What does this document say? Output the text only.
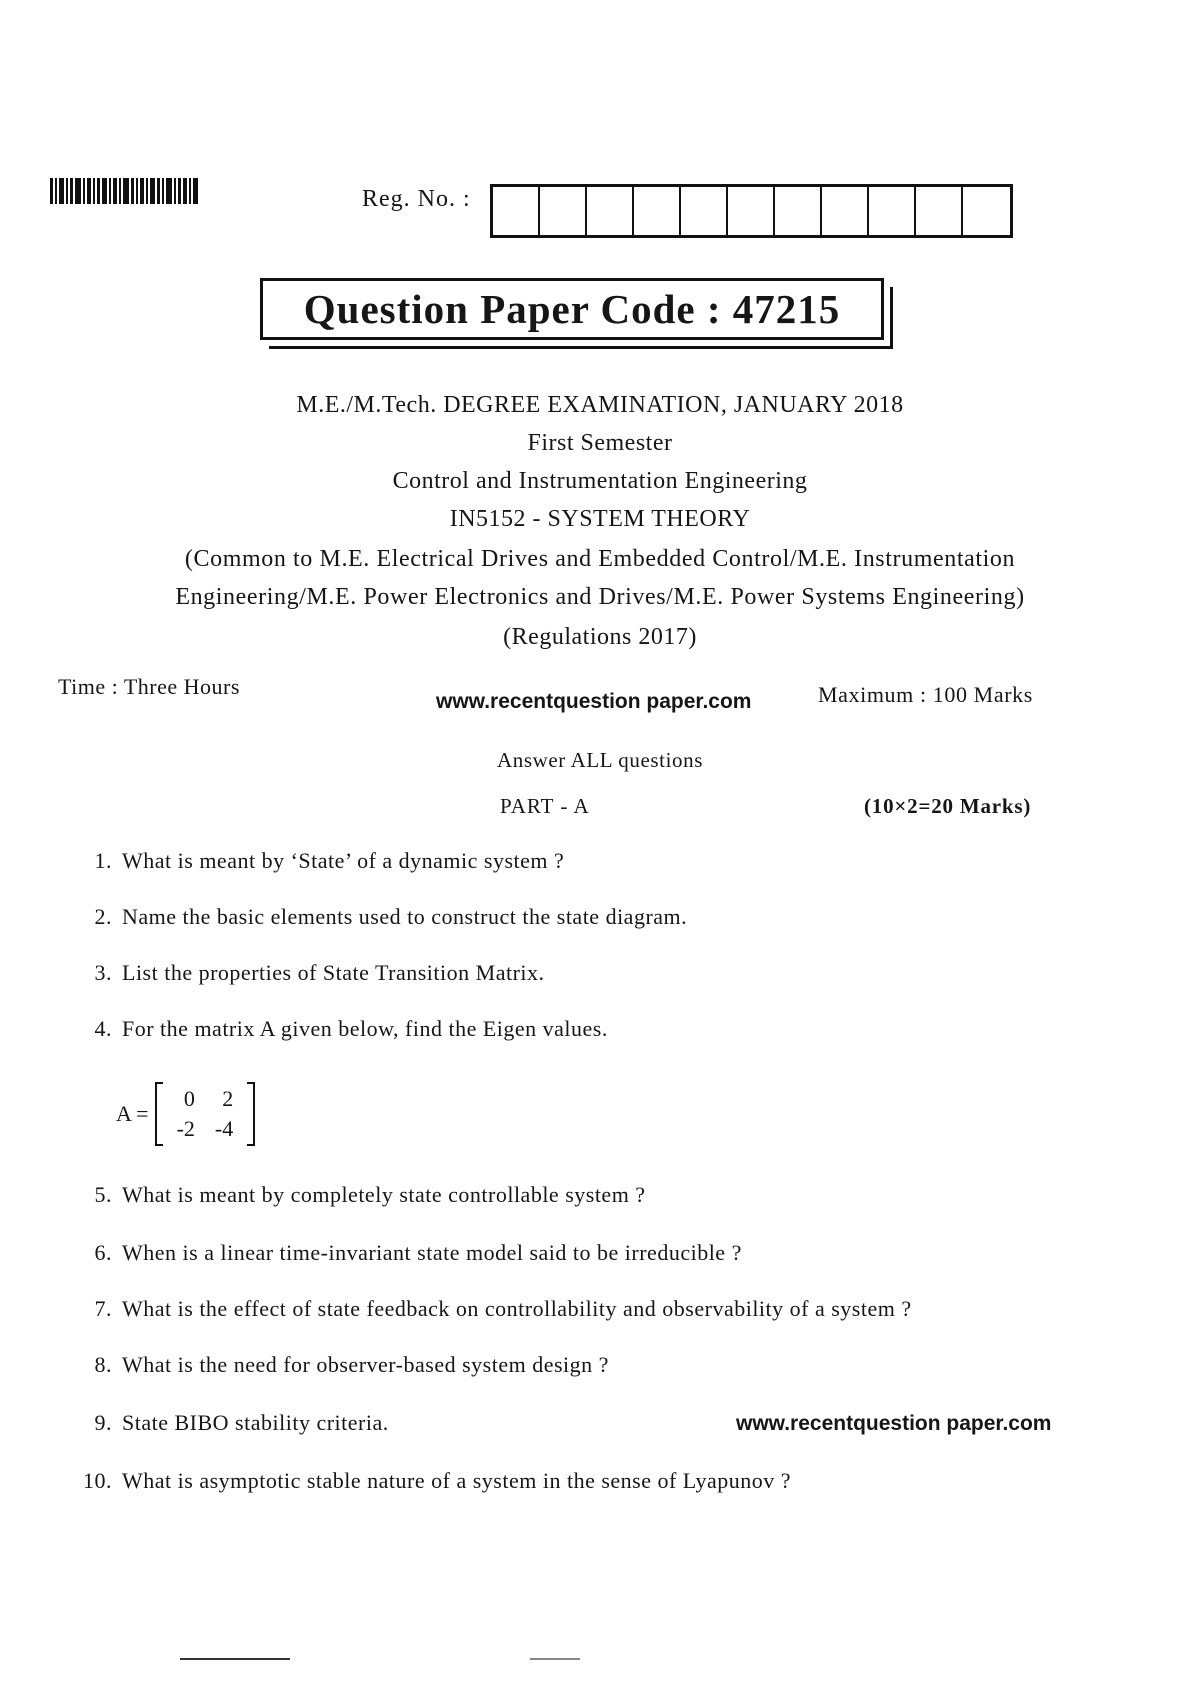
Reg. No. :
Question Paper Code : 47215
M.E./M.Tech. DEGREE EXAMINATION, JANUARY 2018
First Semester
Control and Instrumentation Engineering
IN5152 - SYSTEM THEORY
(Common to M.E. Electrical Drives and Embedded Control/M.E. Instrumentation
Engineering/M.E. Power Electronics and Drives/M.E. Power Systems Engineering)
(Regulations 2017)
Time : Three Hours
www.recentquestion paper.com	Maximum : 100 Marks
Answer ALL questions
PART - A	(10×2=20 Marks)
1. What is meant by ‘State’ of a dynamic system ?
2. Name the basic elements used to construct the state diagram.
3. List the properties of State Transition Matrix.
4. For the matrix A given below, find the Eigen values.
A =
0	2
-2	-4
5. What is meant by completely state controllable system ?
6. When is a linear time-invariant state model said to be irreducible ?
7. What is the effect of state feedback on controllability and observability of a system ?
8. What is the need for observer-based system design ?
9. State BIBO stability criteria.	www.recentquestion paper.com
10. What is asymptotic stable nature of a system in the sense of Lyapunov ?
